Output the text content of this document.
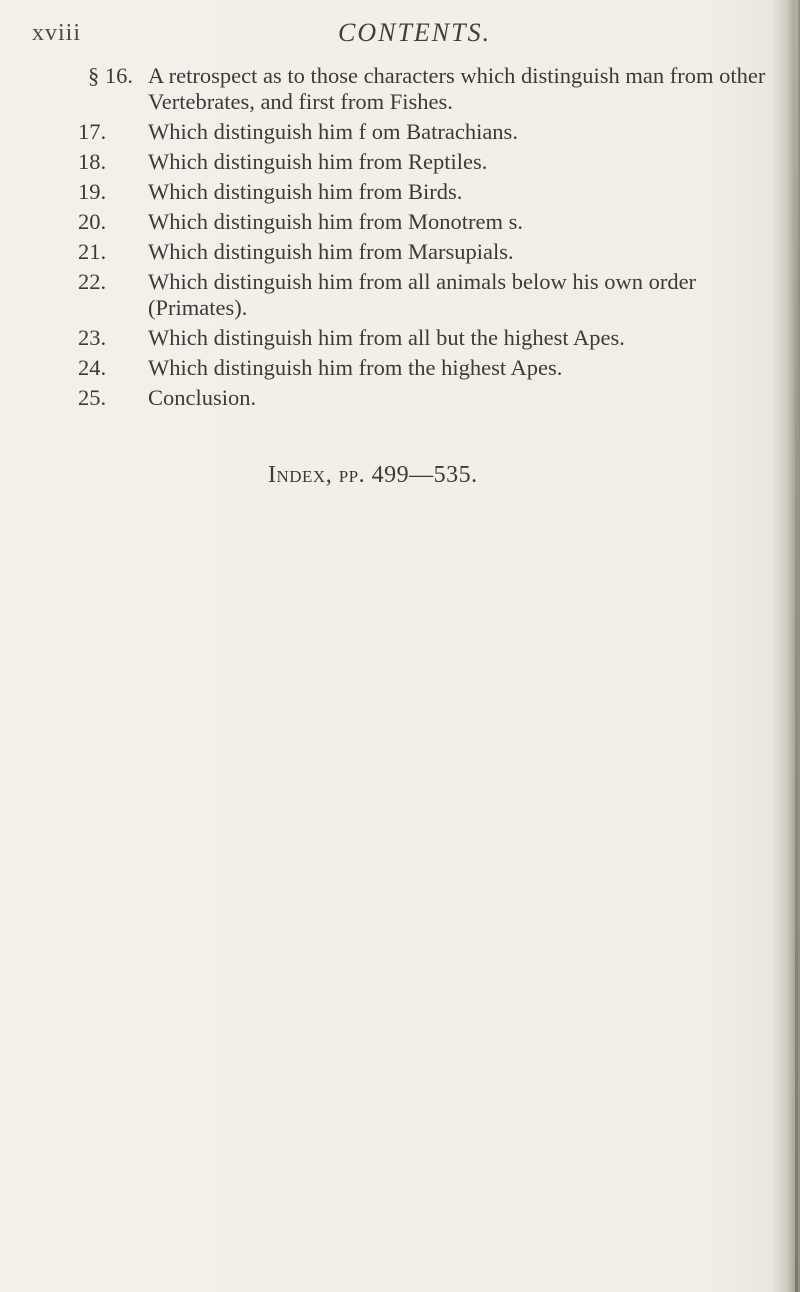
xviii	CONTENTS.
§ 16. A retrospect as to those characters which distinguish man from other Vertebrates, and first from Fishes.
17.	Which distinguish him f om Batrachians.
18.	Which distinguish him from Reptiles.
19.	Which distinguish him from Birds.
20.	Which distinguish him from Monotrem s.
21.	Which distinguish him from Marsupials.
22.	Which distinguish him from all animals below his own order (Primates).
23.	Which distinguish him from all but the highest Apes.
24.	Which distinguish him from the highest Apes.
25.	Conclusion.
Index, pp. 499—535.
